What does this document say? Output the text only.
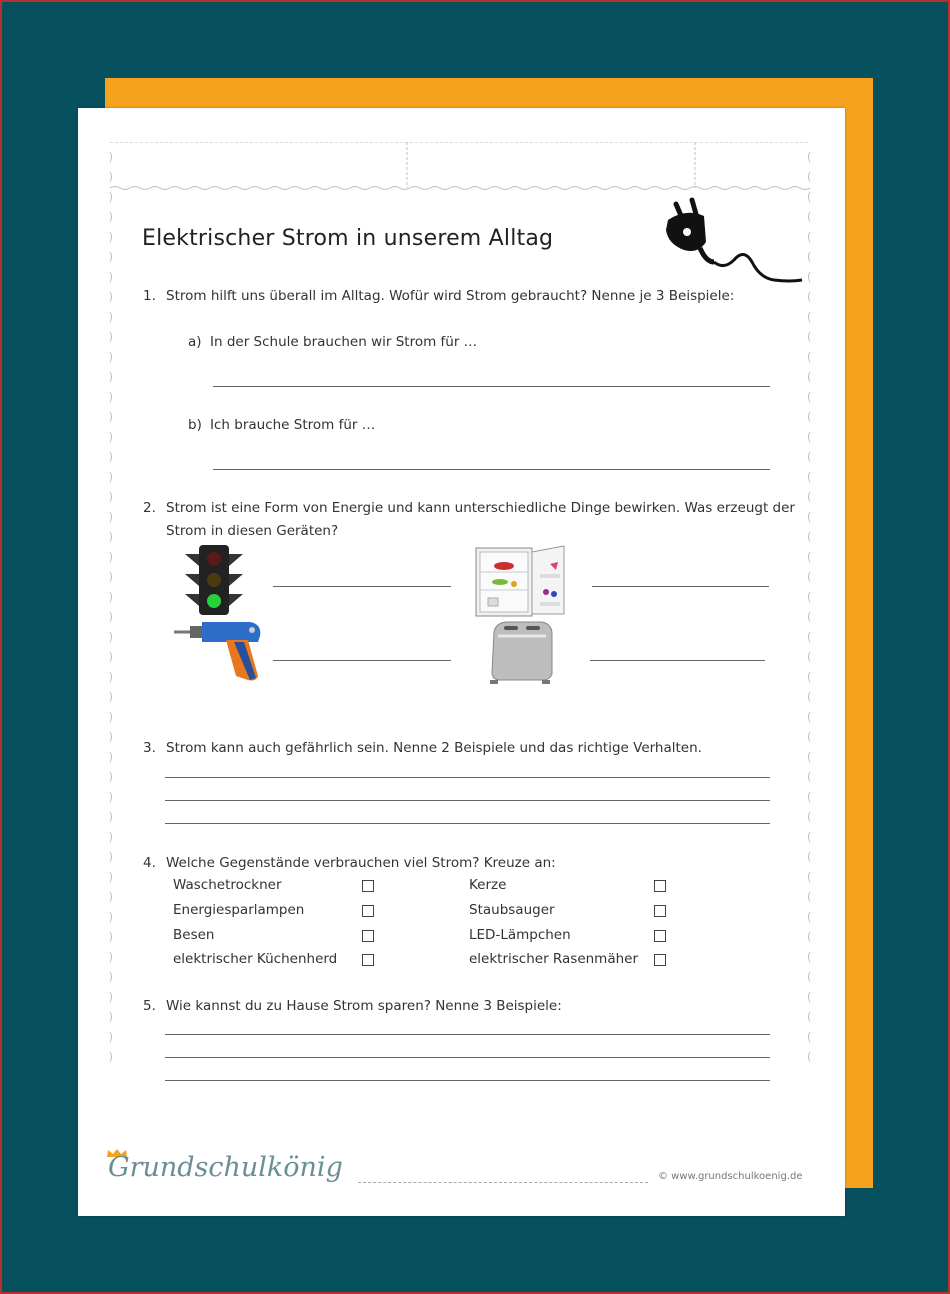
Elektrischer Strom in unserem Alltag
1. Strom hilft uns überall im Alltag. Wofür wird Strom gebraucht? Nenne je 3 Beispiele:
a) In der Schule brauchen wir Strom für …
b) Ich brauche Strom für …
2. Strom ist eine Form von Energie und kann unterschiedliche Dinge bewirken. Was erzeugt der
Strom in diesen Geräten?
3. Strom kann auch gefährlich sein. Nenne 2 Beispiele und das richtige Verhalten.
4. Welche Gegenstände verbrauchen viel Strom? Kreuze an:
Waschetrockner
Energiesparlampen
Besen
elektrischer Küchenherd
Kerze
Staubsauger
LED-Lämpchen
elektrischer Rasenmäher
5. Wie kannst du zu Hause Strom sparen? Nenne 3 Beispiele:
Grundschulkönig	© www.grundschulkoenig.de
